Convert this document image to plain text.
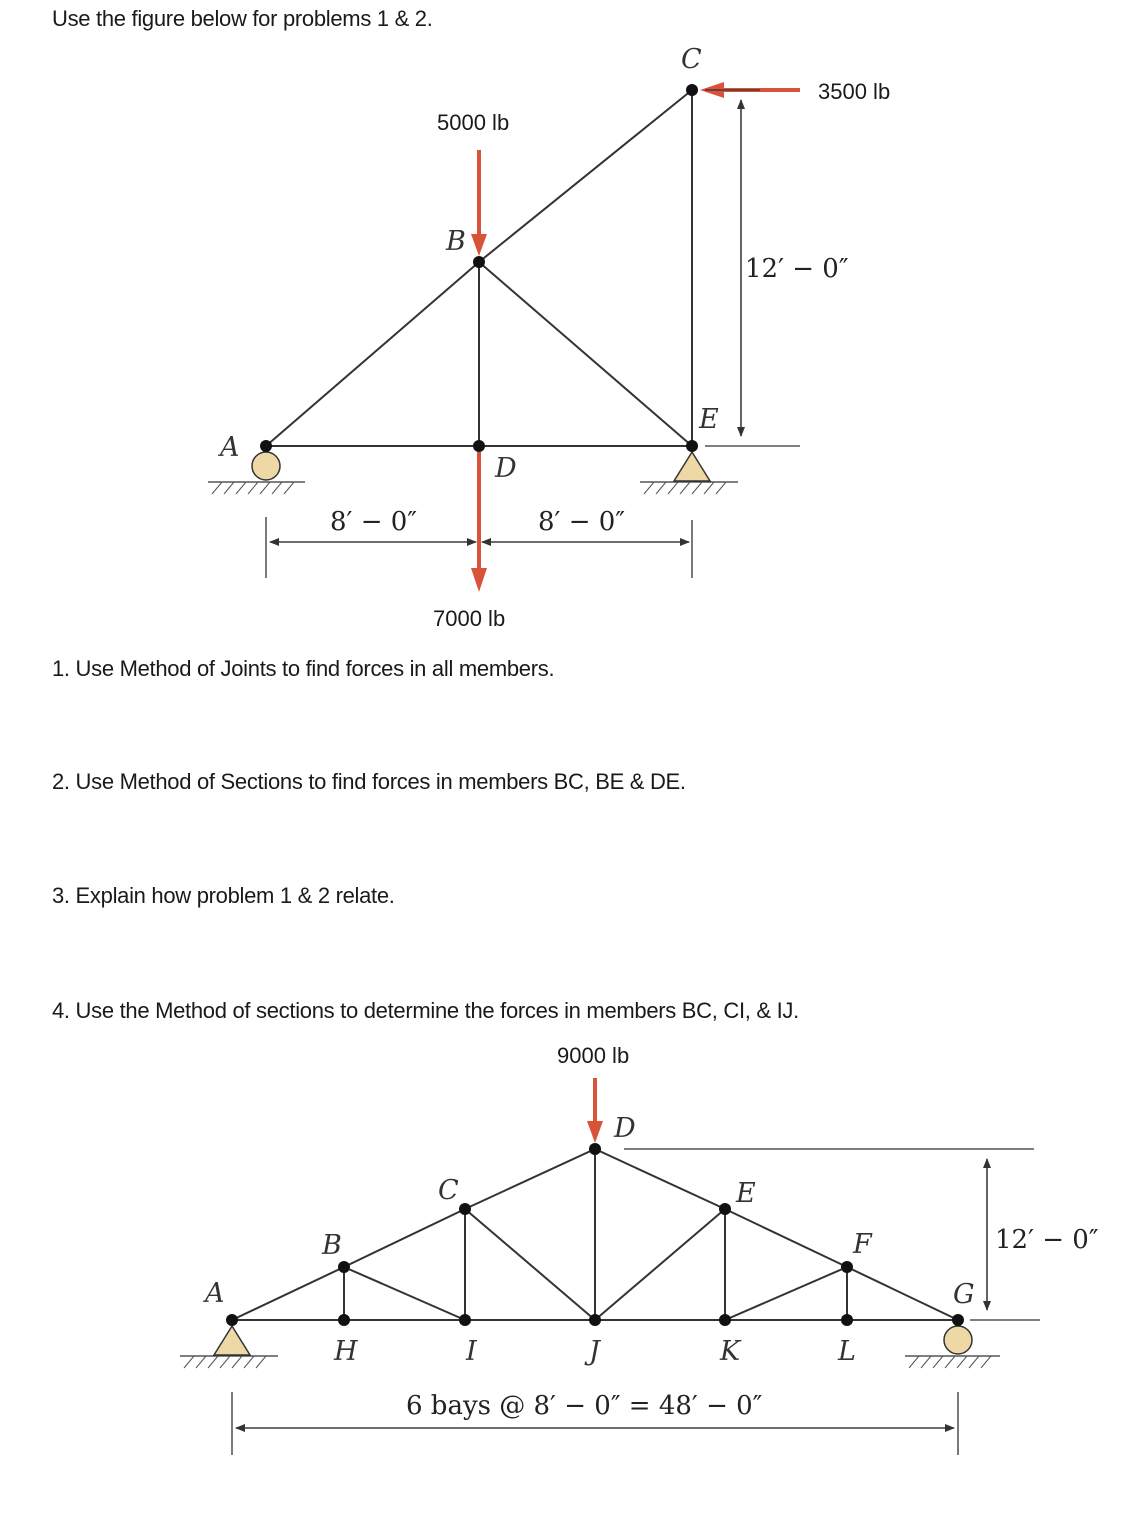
Use the figure below for problems 1 & 2.
1. Use Method of Joints to find forces in all members.
2. Use Method of Sections to find forces in members BC, BE & DE.
3. Explain how problem 1 & 2 relate.
4. Use the Method of sections to determine the forces in members BC, CI, & IJ.
A
B
C
D
E
5000 lb
3500 lb
7000 lb
12′ − 0″
8′ − 0″	8′ − 0″
A
B
C
D
E
F
G
H	I	J	K	L
9000 lb
12′ − 0″
6 bays @ 8′ − 0″ = 48′ − 0″
